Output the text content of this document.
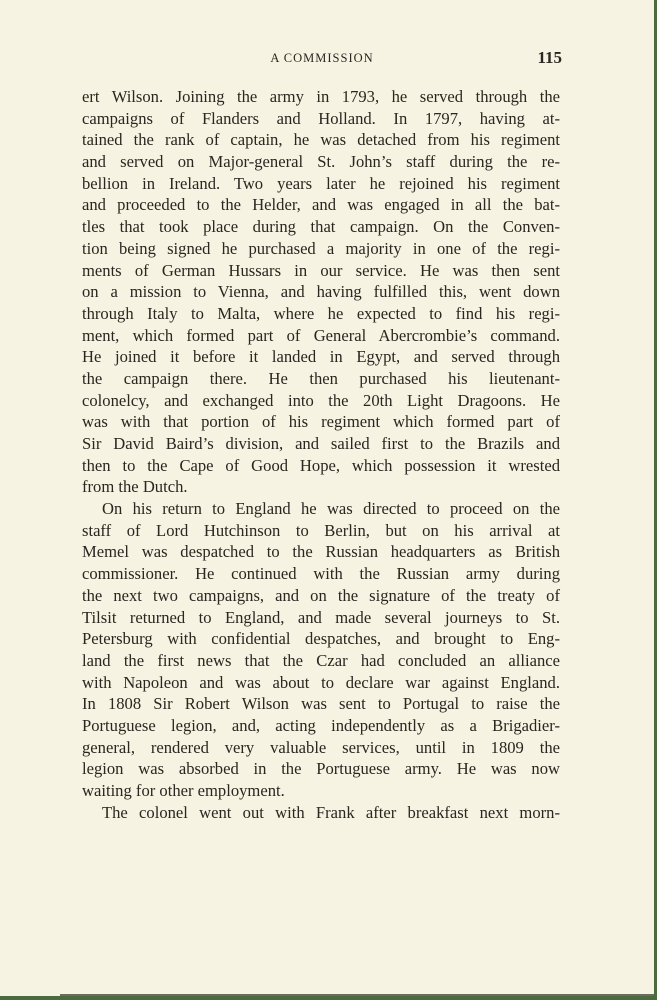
A COMMISSION	115
ert Wilson. Joining the army in 1793, he served through the
campaigns of Flanders and Holland. In 1797, having at-
tained the rank of captain, he was detached from his regiment
and served on Major-general St. John’s staff during the re-
bellion in Ireland. Two years later he rejoined his regiment
and proceeded to the Helder, and was engaged in all the bat-
tles that took place during that campaign. On the Conven-
tion being signed he purchased a majority in one of the regi-
ments of German Hussars in our service. He was then sent
on a mission to Vienna, and having fulfilled this, went down
through Italy to Malta, where he expected to find his regi-
ment, which formed part of General Abercrombie’s command.
He joined it before it landed in Egypt, and served through
the campaign there. He then purchased his lieutenant-
colonelcy, and exchanged into the 20th Light Dragoons. He
was with that portion of his regiment which formed part of
Sir David Baird’s division, and sailed first to the Brazils and
then to the Cape of Good Hope, which possession it wrested
from the Dutch.
On his return to England he was directed to proceed on the
staff of Lord Hutchinson to Berlin, but on his arrival at
Memel was despatched to the Russian headquarters as British
commissioner. He continued with the Russian army during
the next two campaigns, and on the signature of the treaty of
Tilsit returned to England, and made several journeys to St.
Petersburg with confidential despatches, and brought to Eng-
land the first news that the Czar had concluded an alliance
with Napoleon and was about to declare war against England.
In 1808 Sir Robert Wilson was sent to Portugal to raise the
Portuguese legion, and, acting independently as a Brigadier-
general, rendered very valuable services, until in 1809 the
legion was absorbed in the Portuguese army. He was now
waiting for other employment.
The colonel went out with Frank after breakfast next morn-
